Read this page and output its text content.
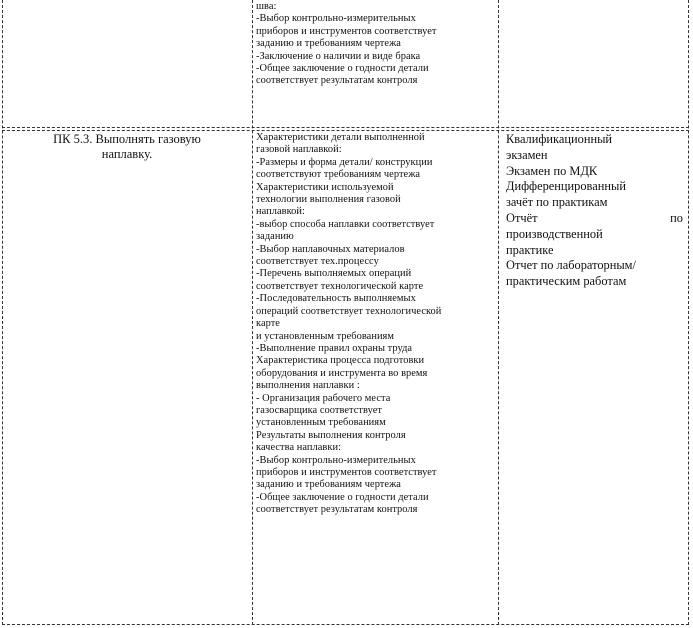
шва:
-Выбор контрольно-измерительных
приборов и инструментов соответствует
заданию и требованиям чертежа
-Заключение о наличии и виде брака
-Общее заключение о годности детали
соответствует результатам контроля
ПК 5.3. Выполнять газовую
наплавку.
Характеристики детали выполненной
газовой наплавкой:
-Размеры и форма детали/ конструкции
соответствуют требованиям чертежа
Характеристики используемой
технологии выполнения газовой
наплавкой:
-выбор способа наплавки соответствует
заданию
-Выбор наплавочных материалов
соответствует тех.процессу
-Перечень выполняемых операций
соответствует технологической карте
-Последовательность выполняемых
операций соответствует технологической
карте
и установленным требованиям
-Выполнение правил охраны труда
Характеристика процесса подготовки
оборудования и инструмента во время
выполнения наплавки :
- Организация рабочего места
газосварщика соответствует
установленным требованиям
Результаты выполнения контроля
качества наплавки:
-Выбор контрольно-измерительных
приборов и инструментов соответствует
заданию и требованиям чертежа
-Общее заключение о годности детали
соответствует результатам контроля
Квалификационный
экзамен
Экзамен по МДК
Дифференцированный
зачёт по практикам
Отчёт	по
производственной
практике
Отчет по лабораторным/
практическим работам
